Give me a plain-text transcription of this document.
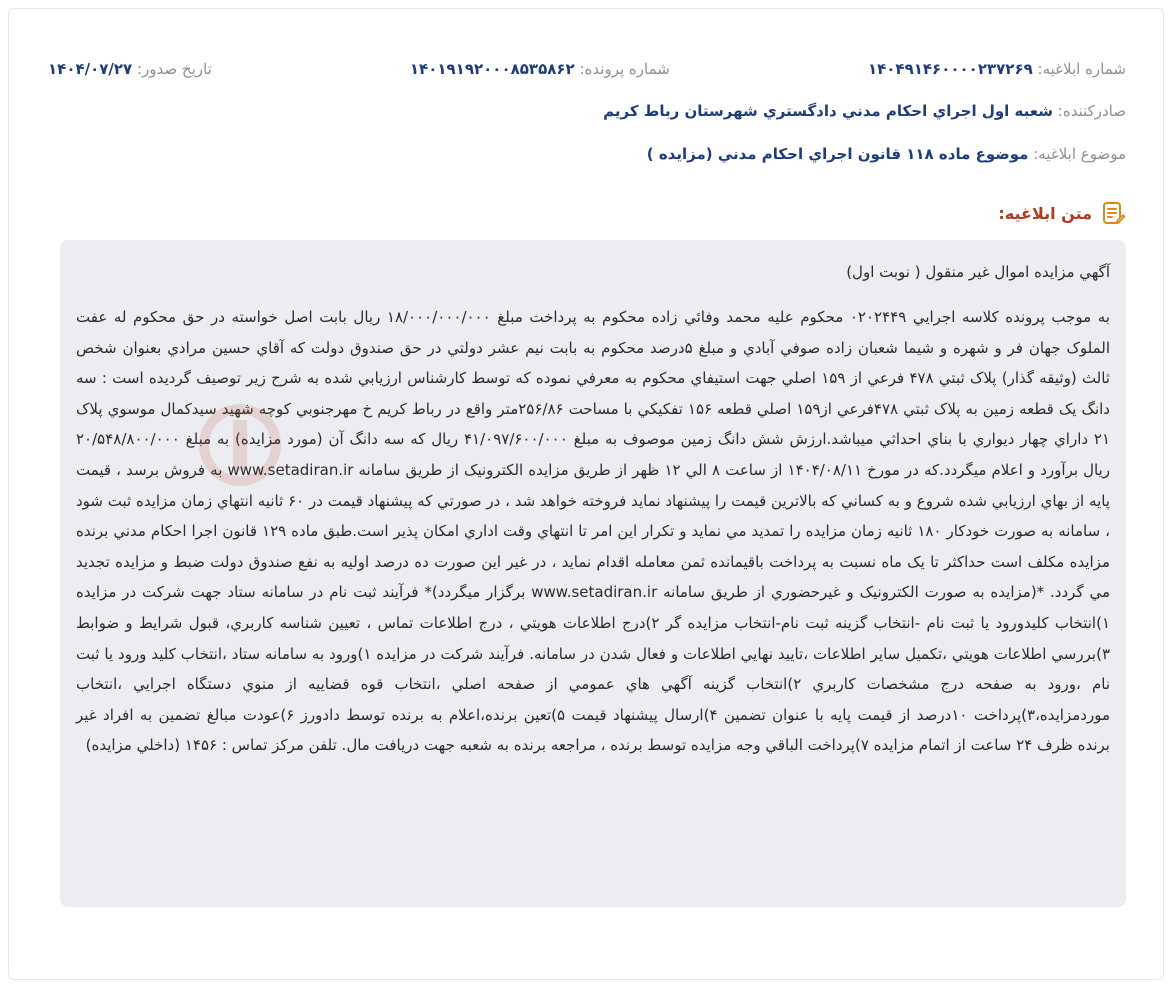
شماره ابلاغيه: ۱۴۰۴۹۱۴۶۰۰۰۰۲۳۷۲۶۹
شماره پرونده: ۱۴۰۱۹۱۹۲۰۰۰۸۵۳۵۸۶۲
تاريخ صدور: ۱۴۰۴/۰۷/۲۷
صادرکننده: شعبه اول اجراي احکام مدني دادگستري شهرستان رباط کريم
موضوع ابلاغيه: موضوع ماده ۱۱۸ قانون اجراي احکام مدني (مزايده )
متن ابلاغيه:
آگهي مزايده اموال غير منقول ( نوبت اول)
به موجب پرونده کلاسه اجرايي ۰۲۰۲۴۴۹ محکوم عليه محمد وفائي زاده محکوم به پرداخت مبلغ ۱۸/۰۰۰/۰۰۰/۰۰۰ ريال بابت اصل خواسته در حق محکوم له عفت الملوک جهان فر و شهره و شيما شعبان زاده صوفي آبادي و مبلغ ۵درصد محکوم به بابت نيم عشر دولتي در حق صندوق دولت که آقاي حسين مرادي بعنوان شخص ثالث (وثيقه گذار) پلاک ثبتي ۴۷۸ فرعي از ۱۵۹ اصلي جهت استيفاي محکوم به معرفي نموده که توسط کارشناس ارزيابي شده به شرح زير توصيف گرديده است : سه دانگ يک قطعه زمين به پلاک ثبتي ۴۷۸فرعي از۱۵۹ اصلي قطعه ۱۵۶ تفکيکي با مساحت ۲۵۶/۸۶متر واقع در رباط کريم خ مهرجنوبي کوچه شهيد سيدکمال موسوي پلاک ۲۱ داراي چهار ديواري با بناي احداثي ميباشد.ارزش شش دانگ زمين موصوف به مبلغ ۴۱/۰۹۷/۶۰۰/۰۰۰ ريال که سه دانگ آن (مورد مزايده) به مبلغ ۲۰/۵۴۸/۸۰۰/۰۰۰ ريال برآورد و اعلام ميگردد.که در مورخ ۱۴۰۴/۰۸/۱۱ از ساعت ۸ الي ۱۲ ظهر از طريق مزايده الکترونيک از طريق سامانه www.setadiran.ir به فروش برسد ، قيمت پايه از بهاي ارزيابي شده شروع و به کساني که بالاترين قيمت را پيشنهاد نمايد فروخته خواهد شد ، در صورتي که پيشنهاد قيمت در ۶۰ ثانيه انتهاي زمان مزايده ثبت شود ، سامانه به صورت خودکار ۱۸۰ ثانيه زمان مزايده را تمديد مي نمايد و تکرار اين امر تا انتهاي وقت اداري امکان پذير است.طبق ماده ۱۲۹ قانون اجرا احکام مدني برنده مزايده مکلف است حداکثر تا يک ماه نسبت به پرداخت باقيمانده ثمن معامله اقدام نمايد ، در غير اين صورت ده درصد اوليه به نفع صندوق دولت ضبط و مزايده تجديد مي گردد. *(مزايده به صورت الکترونيک و غيرحضوري از طريق سامانه www.setadiran.ir برگزار ميگردد)* فرآيند ثبت نام در سامانه ستاد جهت شرکت در مزايده ۱)انتخاب کليدورود يا ثبت نام -انتخاب گزينه ثبت نام-انتخاب مزايده گر ۲)درج اطلاعات هويتي ، درج اطلاعات تماس ، تعيين شناسه کاربري، قبول شرايط و ضوابط ۳)بررسي اطلاعات هويتي ،تکميل ساير اطلاعات ،تاييد نهايي اطلاعات و فعال شدن در سامانه. فرآيند شرکت در مزايده ۱)ورود به سامانه ستاد ،انتخاب کليد ورود يا ثبت نام ،ورود به صفحه درج مشخصات کاربري ۲)انتخاب گزينه آگهي هاي عمومي از صفحه اصلي ،انتخاب قوه قضاييه از منوي دستگاه اجرايي ،انتخاب موردمزايده،۳)پرداخت ۱۰درصد از قيمت پايه با عنوان تضمين ۴)ارسال پيشنهاد قيمت ۵)تعين برنده،اعلام به برنده توسط دادورز ۶)عودت مبالغ تضمين به افراد غير برنده ظرف ۲۴ ساعت از اتمام مزايده ۷)پرداخت الباقي وجه مزايده توسط برنده ، مراجعه برنده به شعبه جهت دريافت مال. تلفن مرکز تماس : ۱۴۵۶ (داخلي مزايده)
